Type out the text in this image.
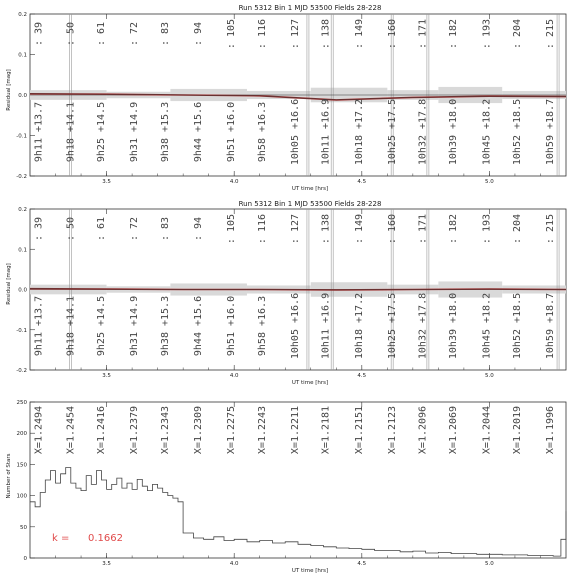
Run 5312 Bin 1 MJD 53500 Fields 28-228
Residual [mag]
UT time [hrs]
3.5	4.0	4.5	5.0
0.2
0.1
0.0
-0.1
-0.2
: 39 : 50 : 61 : 72 : 83 : 94 : 105 : 116 : 127 : 138 : 149 : 160 : 171 : 182 : 193 : 204 : 215
9h11 +13.7 9h18 +14.1 9h25 +14.5 9h31 +14.9 9h38 +15.3 9h44 +15.6 9h51 +16.0 9h58 +16.3 10h05 +16.6 10h11 +16.9 10h18 +17.2 10h25 +17.5 10h32 +17.8 10h39 +18.0 10h45 +18.2 10h52 +18.5 10h59 +18.7
Run 5312 Bin 1 MJD 53500 Fields 28-228
Residual [mag]
UT time [hrs]
3.5	4.0	4.5	5.0
0.2
0.1
0.0
-0.1
-0.2
: 39 : 50 : 61 : 72 : 83 : 94 : 105 : 116 : 127 : 138 : 149 : 160 : 171 : 182 : 193 : 204 : 215
9h11 +13.7 9h18 +14.1 9h25 +14.5 9h31 +14.9 9h38 +15.3 9h44 +15.6 9h51 +16.0 9h58 +16.3 10h05 +16.6 10h11 +16.9 10h18 +17.2 10h25 +17.5 10h32 +17.8 10h39 +18.0 10h45 +18.2 10h52 +18.5 10h59 +18.7
Number of Stars
UT time [hrs]
k = 0.1662
3.5	4.0	4.5	5.0
250
200
150
100
50
0
X=1.2494 X=1.2454 X=1.2416 X=1.2379 X=1.2343 X=1.2309 X=1.2275 X=1.2243 X=1.2211 X=1.2181 X=1.2151 X=1.2123 X=1.2096 X=1.2069 X=1.2044 X=1.2019 X=1.1996
